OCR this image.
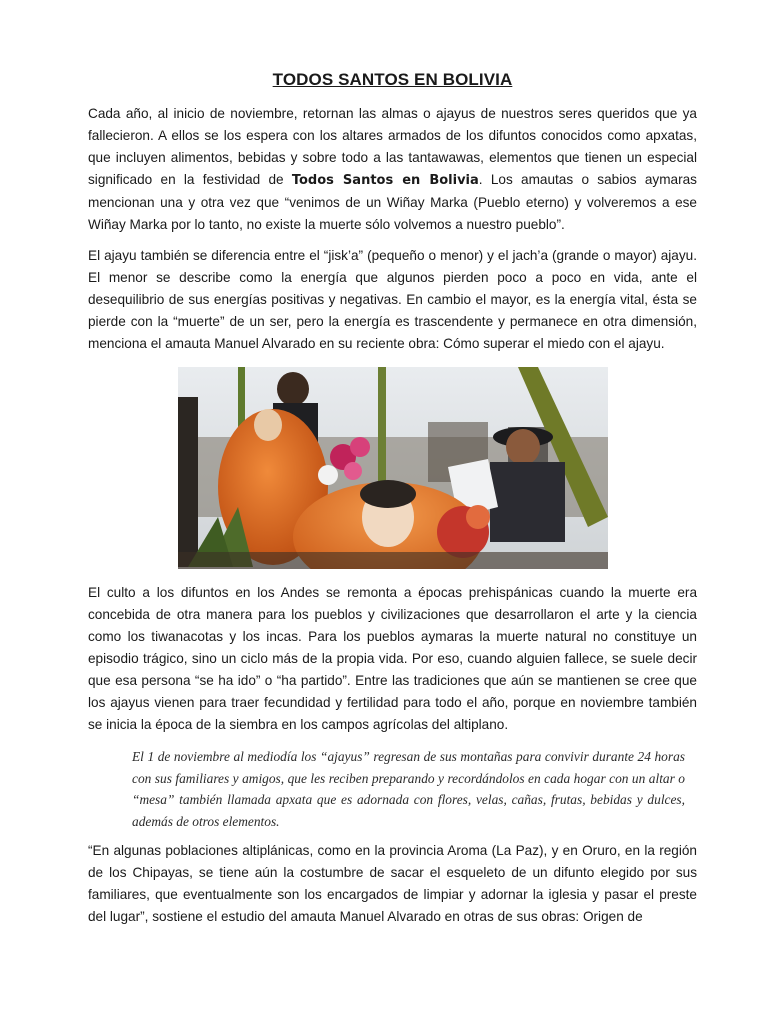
TODOS SANTOS EN BOLIVIA

Cada año, al inicio de noviembre, retornan las almas o ajayus de nuestros seres queridos que ya fallecieron. A ellos se los espera con los altares armados de los difuntos conocidos como apxatas, que incluyen alimentos, bebidas y sobre todo a las tantawawas, elementos que tienen un especial significado en la festividad de Todos Santos en Bolivia. Los amautas o sabios aymaras mencionan una y otra vez que “venimos de un Wiñay Marka (Pueblo eterno) y volveremos a ese Wiñay Marka por lo tanto, no existe la muerte sólo volvemos a nuestro pueblo”.

El ajayu también se diferencia entre el “jisk’a” (pequeño o menor) y el jach’a (grande o mayor) ajayu. El menor se describe como la energía que algunos pierden poco a poco en vida, ante el desequilibrio de sus energías positivas y negativas. En cambio el mayor, es la energía vital, ésta se pierde con la “muerte” de un ser, pero la energía es trascendente y permanece en otra dimensión, menciona el amauta Manuel Alvarado en su reciente obra: Cómo superar el miedo con el ajayu.

El culto a los difuntos en los Andes se remonta a épocas prehispánicas cuando la muerte era concebida de otra manera para los pueblos y civilizaciones que desarrollaron el arte y la ciencia como los tiwanacotas y los incas. Para los pueblos aymaras la muerte natural no constituye un episodio trágico, sino un ciclo más de la propia vida. Por eso, cuando alguien fallece, se suele decir que esa persona “se ha ido” o “ha partido”. Entre las tradiciones que aún se mantienen se cree que los ajayus vienen para traer fecundidad y fertilidad para todo el año, porque en noviembre también se inicia la época de la siembra en los campos agrícolas del altiplano.

El 1 de noviembre al mediodía los “ajayus” regresan de sus montañas para convivir durante 24 horas con sus familiares y amigos, que les reciben preparando y recordándolos en cada hogar con un altar o “mesa” también llamada apxata que es adornada con flores, velas, cañas, frutas, bebidas y dulces, además de otros elementos.

“En algunas poblaciones altiplánicas, como en la provincia Aroma (La Paz), y en Oruro, en la región de los Chipayas, se tiene aún la costumbre de sacar el esqueleto de un difunto elegido por sus familiares, que eventualmente son los encargados de limpiar y adornar la iglesia y pasar el preste del lugar”, sostiene el estudio del amauta Manuel Alvarado en otras de sus obras: Origen de
